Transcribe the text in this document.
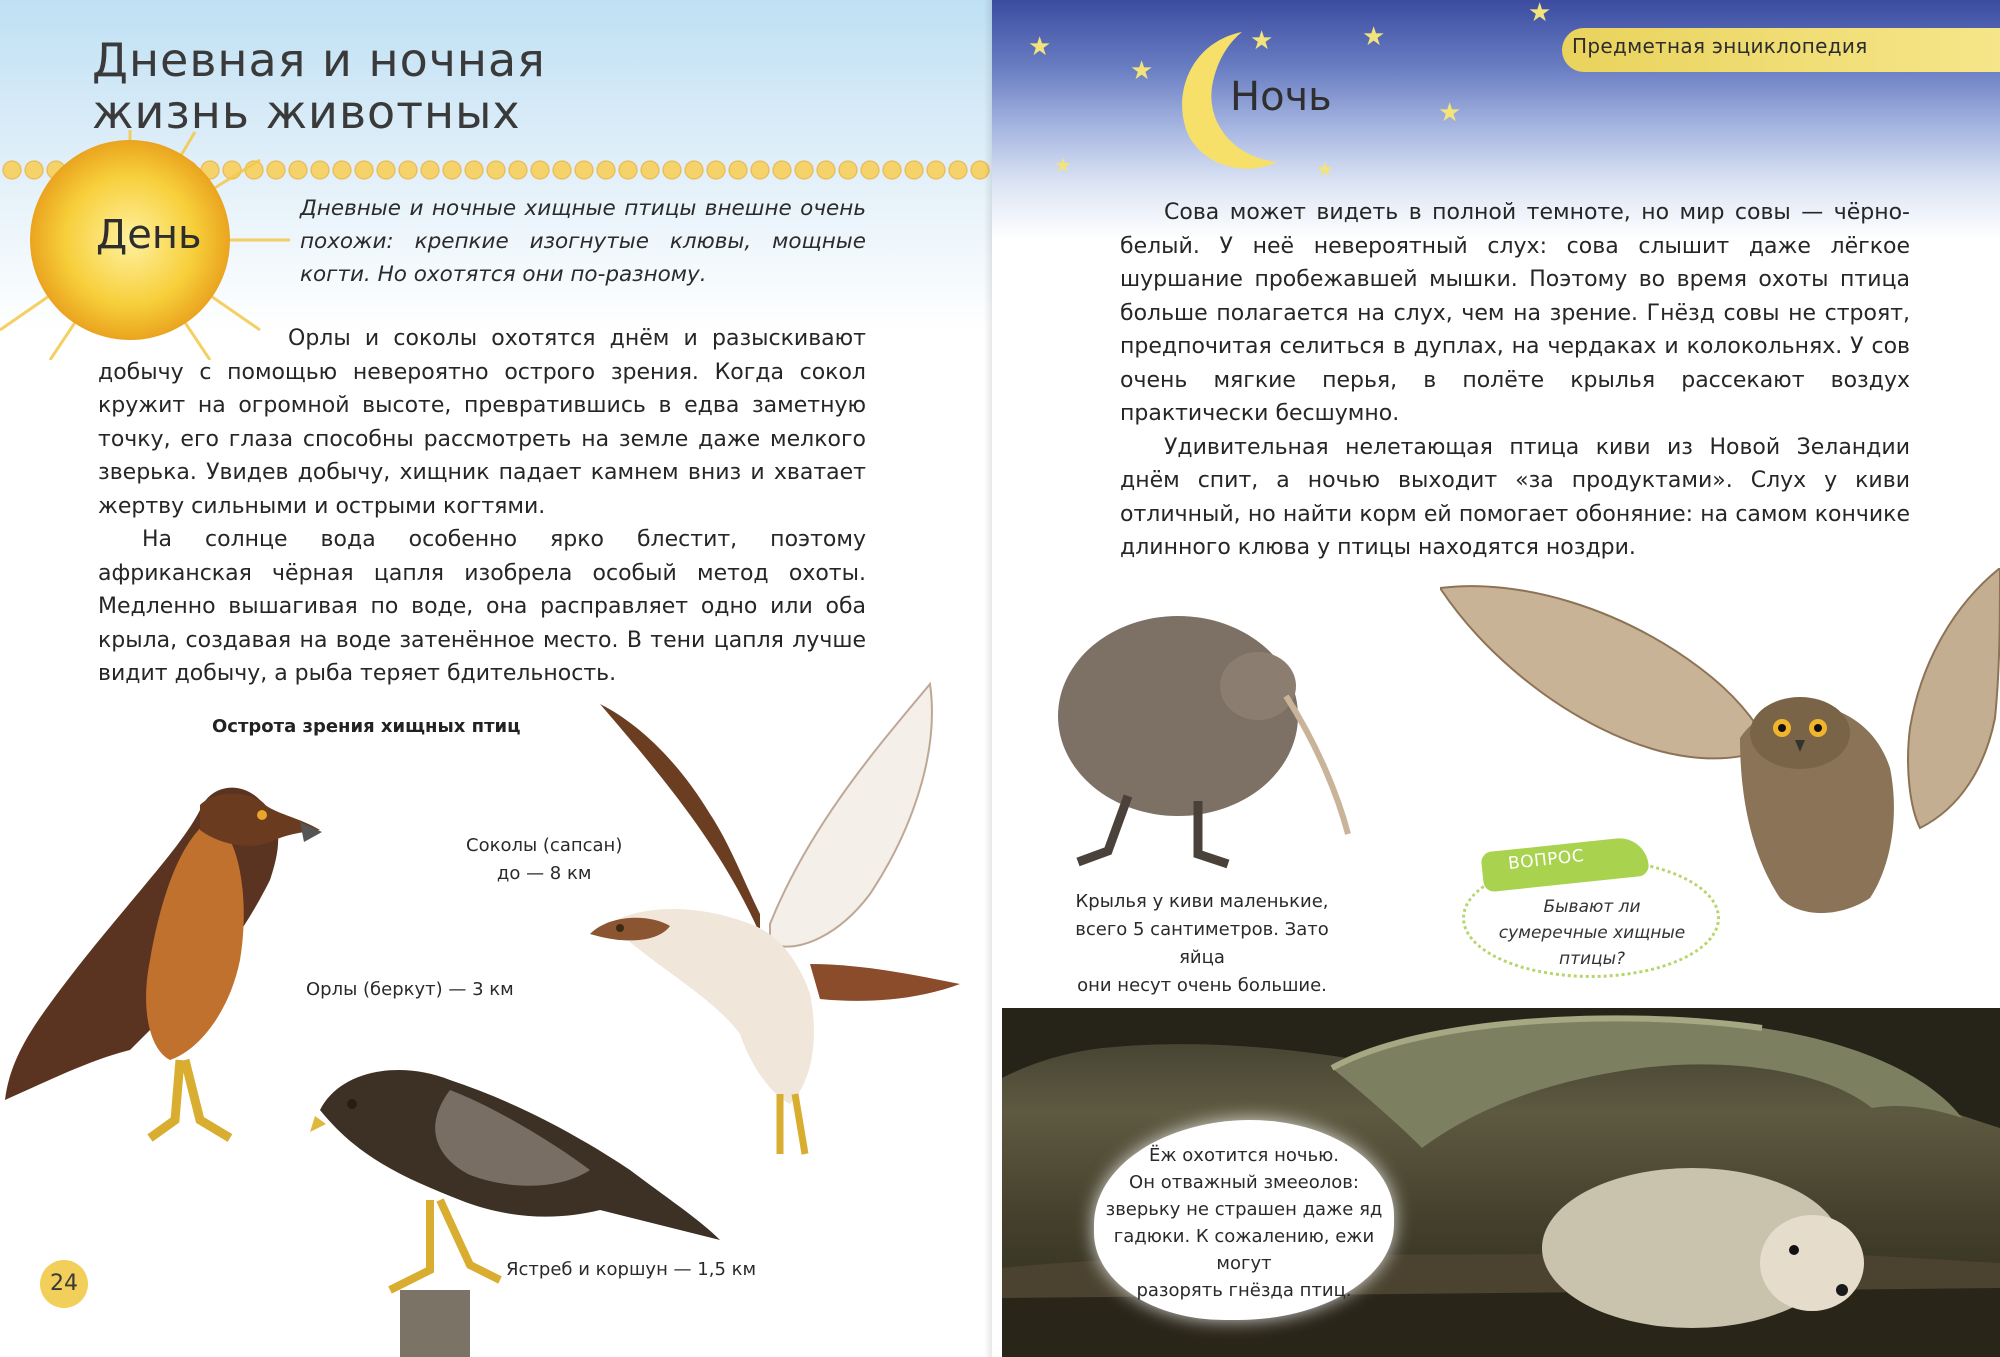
Дневная и ночная
жизнь животных
День

Дневные и ночные хищные птицы внешне очень похожи: крепкие изогнутые клювы, мощные когти. Но охотятся они по-разному.

Орлы и соколы охотятся днём и разыскивают добычу с помощью невероятно острого зрения. Когда сокол кружит на огромной высоте, превратившись в едва заметную точку, его глаза способны рассмотреть на земле даже мелкого зверька. Увидев добычу, хищник падает камнем вниз и хватает жертву сильными и острыми когтями.

На солнце вода особенно ярко блестит, поэтому африканская чёрная цапля изобрела особый метод охоты. Медленно вышагивая по воде, она расправляет одно или оба крыла, создавая на воде затенённое место. В тени цапля лучше видит добычу, а рыба теряет бдительность.

Острота зрения хищных птиц
Орлы (беркут) — 3 км
Соколы (сапсан)
до — 8 км
Ястреб и коршун — 1,5 км
24
Предметная энциклопедия
★
★
★	★
★
★
★	★
Ночь

Сова может видеть в полной темноте, но мир совы — чёрно-белый. У неё невероятный слух: сова слышит даже лёгкое шуршание пробежавшей мышки. Поэтому во время охоты птица больше полагается на слух, чем на зрение. Гнёзд совы не строят, предпочитая селиться в дуплах, на чердаках и колокольнях. У сов очень мягкие перья, в полёте крылья рассекают воздух практически бесшумно.

Удивительная нелетающая птица киви из Новой Зеландии днём спит, а ночью выходит «за продуктами». Слух у киви отличный, но найти корм ей помогает обоняние: на самом кончике длинного клюва у птицы находятся ноздри.

Крылья у киви маленькие,
всего 5 сантиметров. Зато яйца
они несут очень большие.
ВОПРОС
Бывают ли сумеречные хищные птицы?
Ёж охотится ночью.
Он отважный змееолов:
зверьку не страшен даже яд
гадюки. К сожалению, ежи могут
разорять гнёзда птиц.
